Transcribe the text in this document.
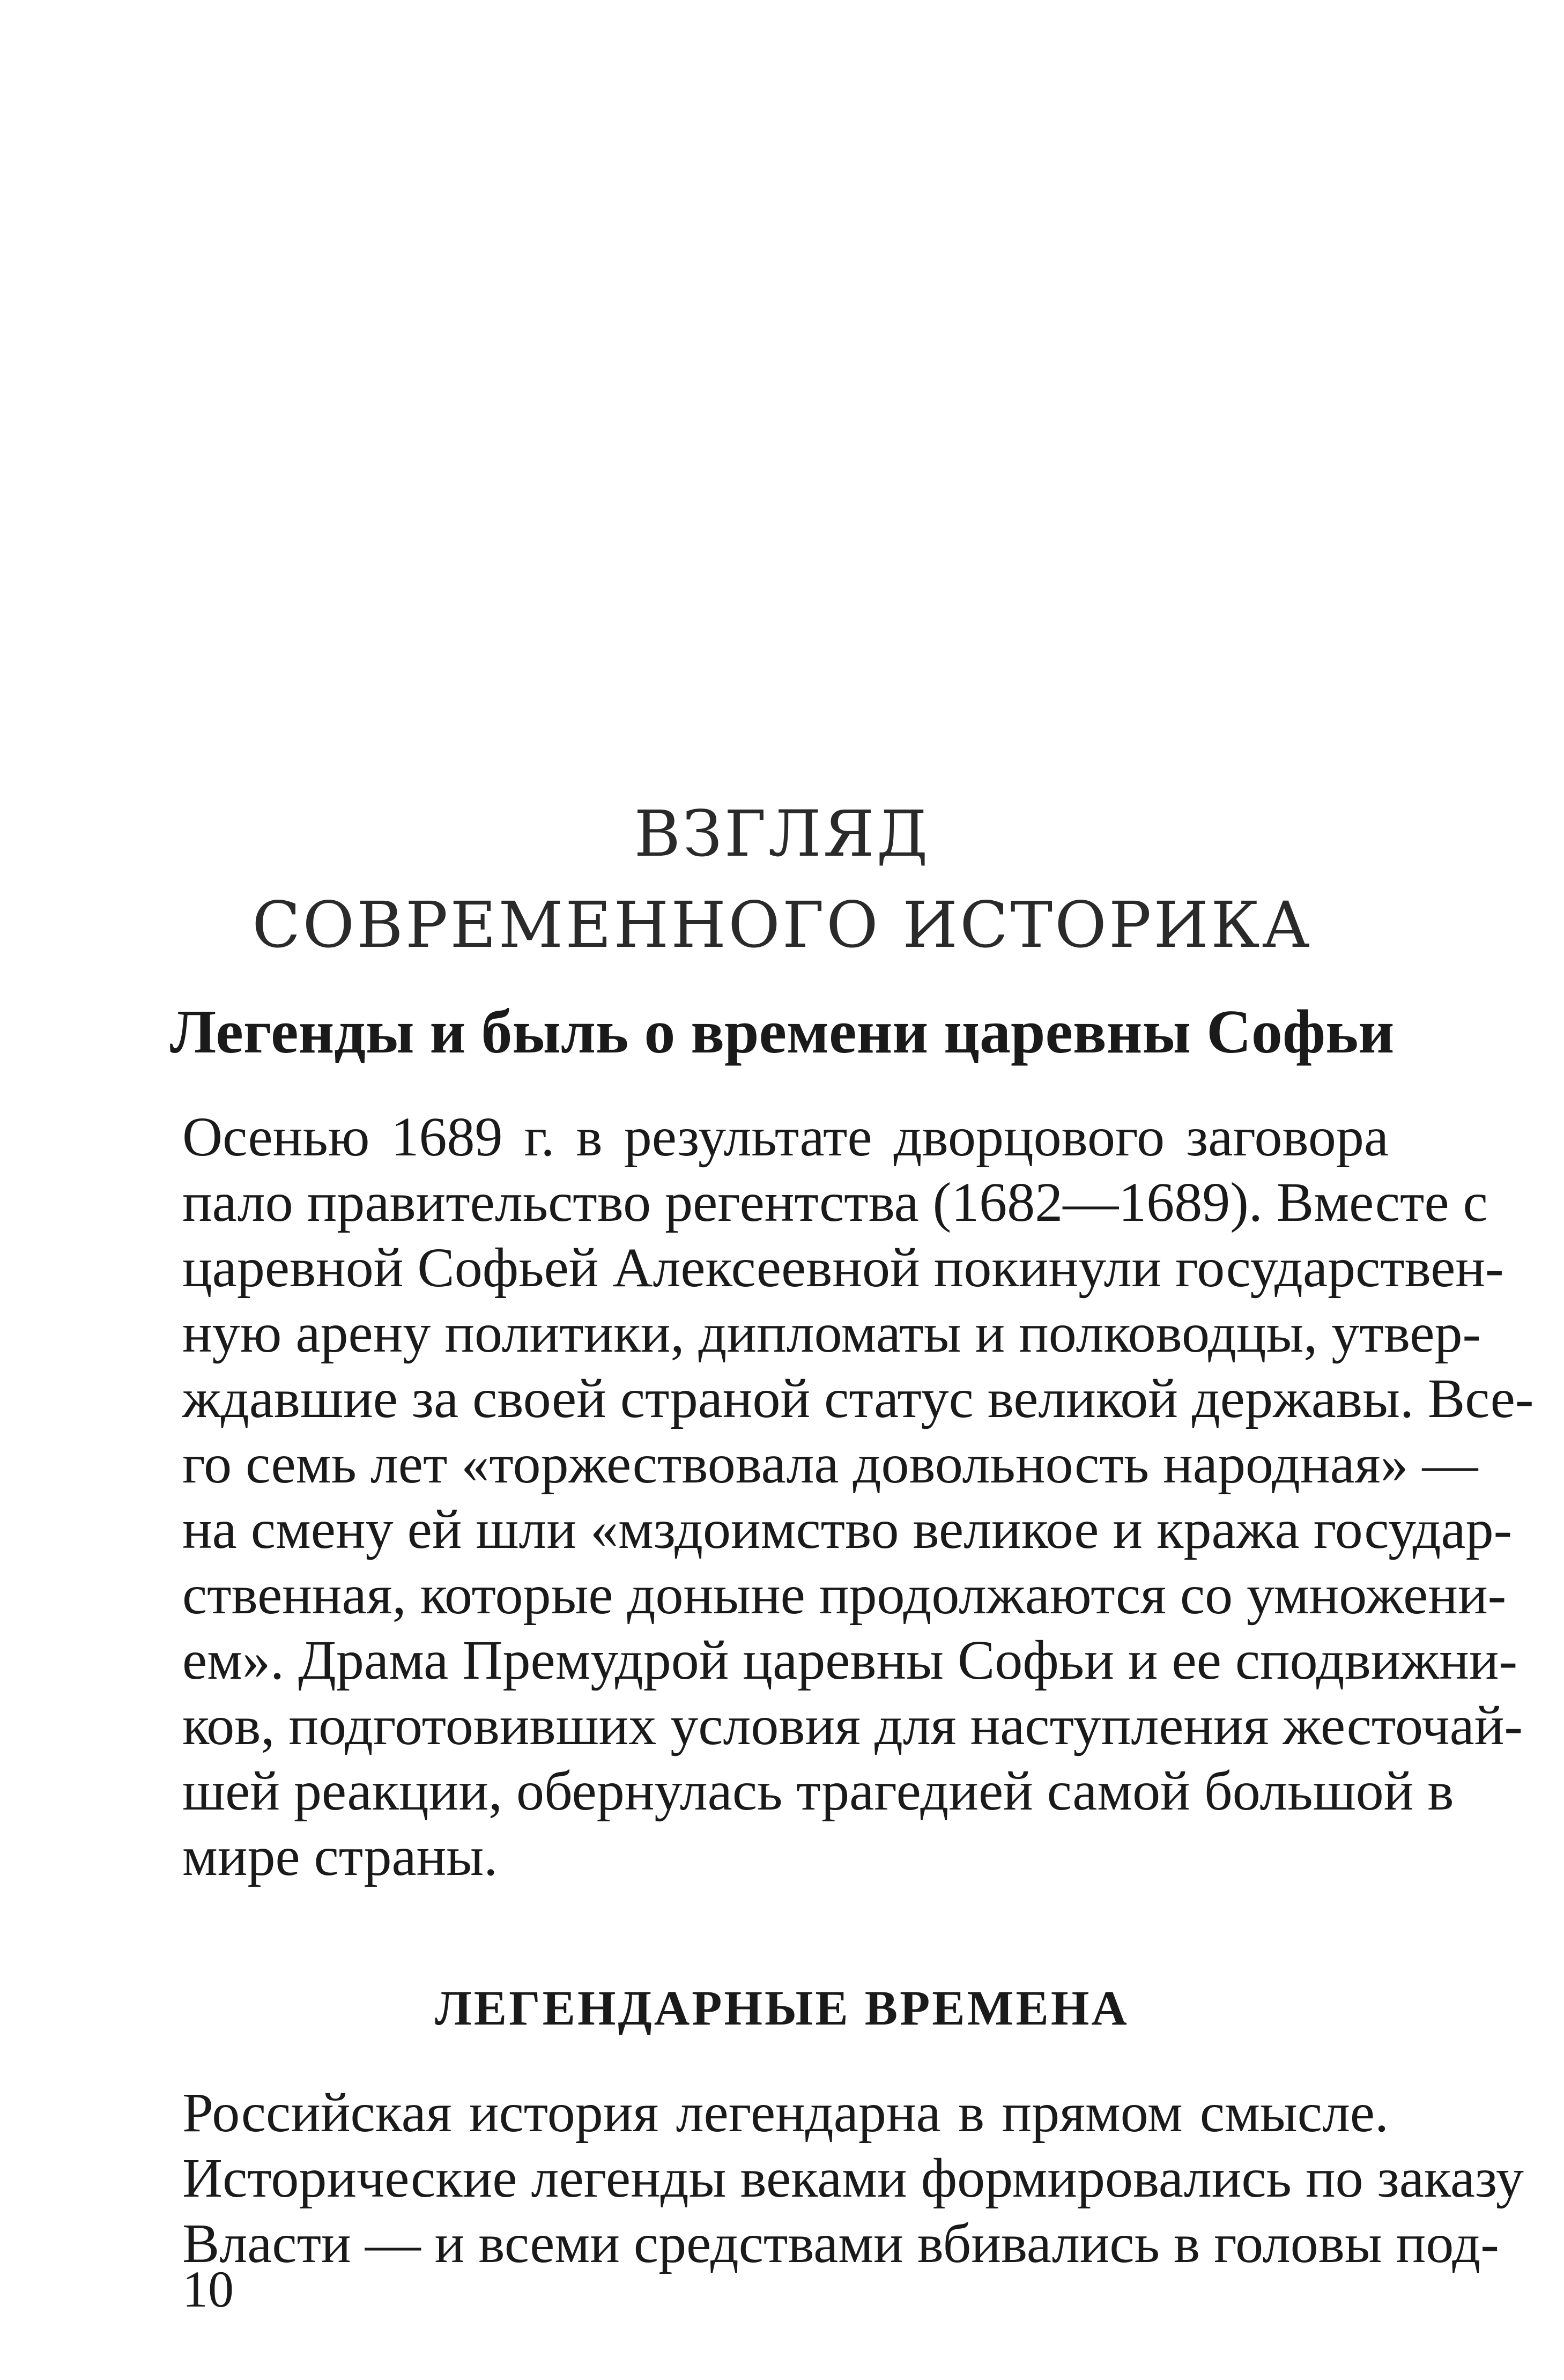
ВЗГЛЯД
СОВРЕМЕННОГО ИСТОРИКА
Легенды и быль о времени царевны Софьи
Осенью 1689 г. в результате дворцового заговора
пало правительство регентства (1682—1689). Вместе с
царевной Софьей Алексеевной покинули государствен-
ную арену политики, дипломаты и полководцы, утвер-
ждавшие за своей страной статус великой державы. Все-
го семь лет «торжествовала довольность народная» —
на смену ей шли «мздоимство великое и кража государ-
ственная, которые доныне продолжаются со умножени-
ем». Драма Премудрой царевны Софьи и ее сподвижни-
ков, подготовивших условия для наступления жесточай-
шей реакции, обернулась трагедией самой большой в
мире страны.
ЛЕГЕНДАРНЫЕ ВРЕМЕНА
Российская история легендарна в прямом смысле.
Исторические легенды веками формировались по заказу
Власти — и всеми средствами вбивались в головы под-
10
